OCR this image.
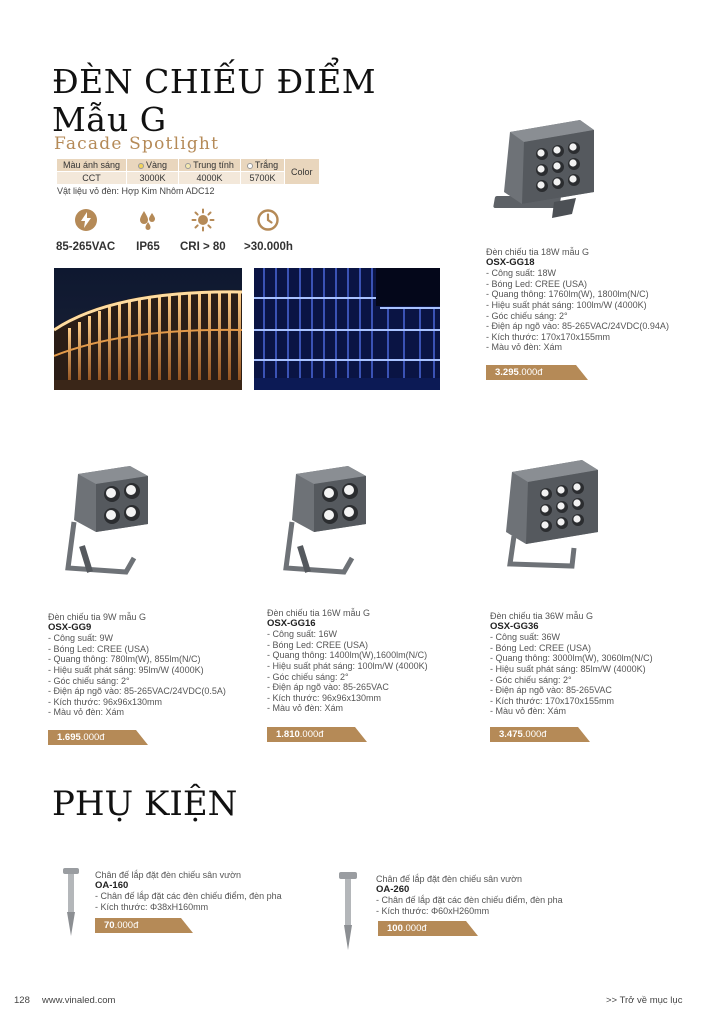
ĐÈN CHIẾU ĐIỂM
Mẫu G
Facade Spotlight
Màu ánh sáng	Vàng	Trung tính	Trắng	Color
CCT	3000K	4000K	5700K	
Vật liệu vỏ đèn: Hợp Kim Nhôm ADC12
85-265VAC IP65 CRI > 80 >30.000h	Đèn chiếu tia 18W mẫu G
OSX-GG18
- Công suất: 18W
- Bóng Led: CREE (USA)
- Quang thông: 1760lm(W), 1800lm(N/C)
- Hiệu suất phát sáng: 100lm/W (4000K)
- Góc chiếu sáng: 2°
- Điện áp ngõ vào: 85-265VAC/24VDC(0.94A)
- Kích thước: 170x170x155mm
- Màu vỏ đèn: Xám
3.295.000đ
Đèn chiếu tia 9W mẫu G
OSX-GG9
- Công suất: 9W
- Bóng Led: CREE (USA)
- Quang thông: 780lm(W), 855lm(N/C)
- Hiệu suất phát sáng: 95lm/W (4000K)
- Góc chiếu sáng: 2°
- Điện áp ngõ vào: 85-265VAC/24VDC(0.5A)
- Kích thước: 96x96x130mm
- Màu vỏ đèn: Xám
1.695.000đ
Đèn chiếu tia 16W mẫu G
OSX-GG16
- Công suất: 16W
- Bóng Led: CREE (USA)
- Quang thông: 1400lm(W),1600lm(N/C)
- Hiệu suất phát sáng: 100lm/W (4000K)
- Góc chiếu sáng: 2°
- Điện áp ngõ vào: 85-265VAC
- Kích thước: 96x96x130mm
- Màu vỏ đèn: Xám
1.810.000đ
Đèn chiếu tia 36W mẫu G
OSX-GG36
- Công suất: 36W
- Bóng Led: CREE (USA)
- Quang thông: 3000lm(W), 3060lm(N/C)
- Hiệu suất phát sáng: 85lm/W (4000K)
- Góc chiếu sáng: 2°
- Điện áp ngõ vào: 85-265VAC
- Kích thước: 170x170x155mm
- Màu vỏ đèn: Xám
3.475.000đ
PHỤ KIỆN
Chân đế lắp đặt đèn chiếu sân vườn
OA-160
- Chân đế lắp đặt các đèn chiếu điểm, đèn pha
- Kích thước: Φ38xH160mm
70.000đ
Chân đế lắp đặt đèn chiếu sân vườn
OA-260
- Chân đế lắp đặt các đèn chiếu điểm, đèn pha
- Kích thước: Φ60xH260mm
100.000đ
128 www.vinaled.com	>> Trở về mục lục
